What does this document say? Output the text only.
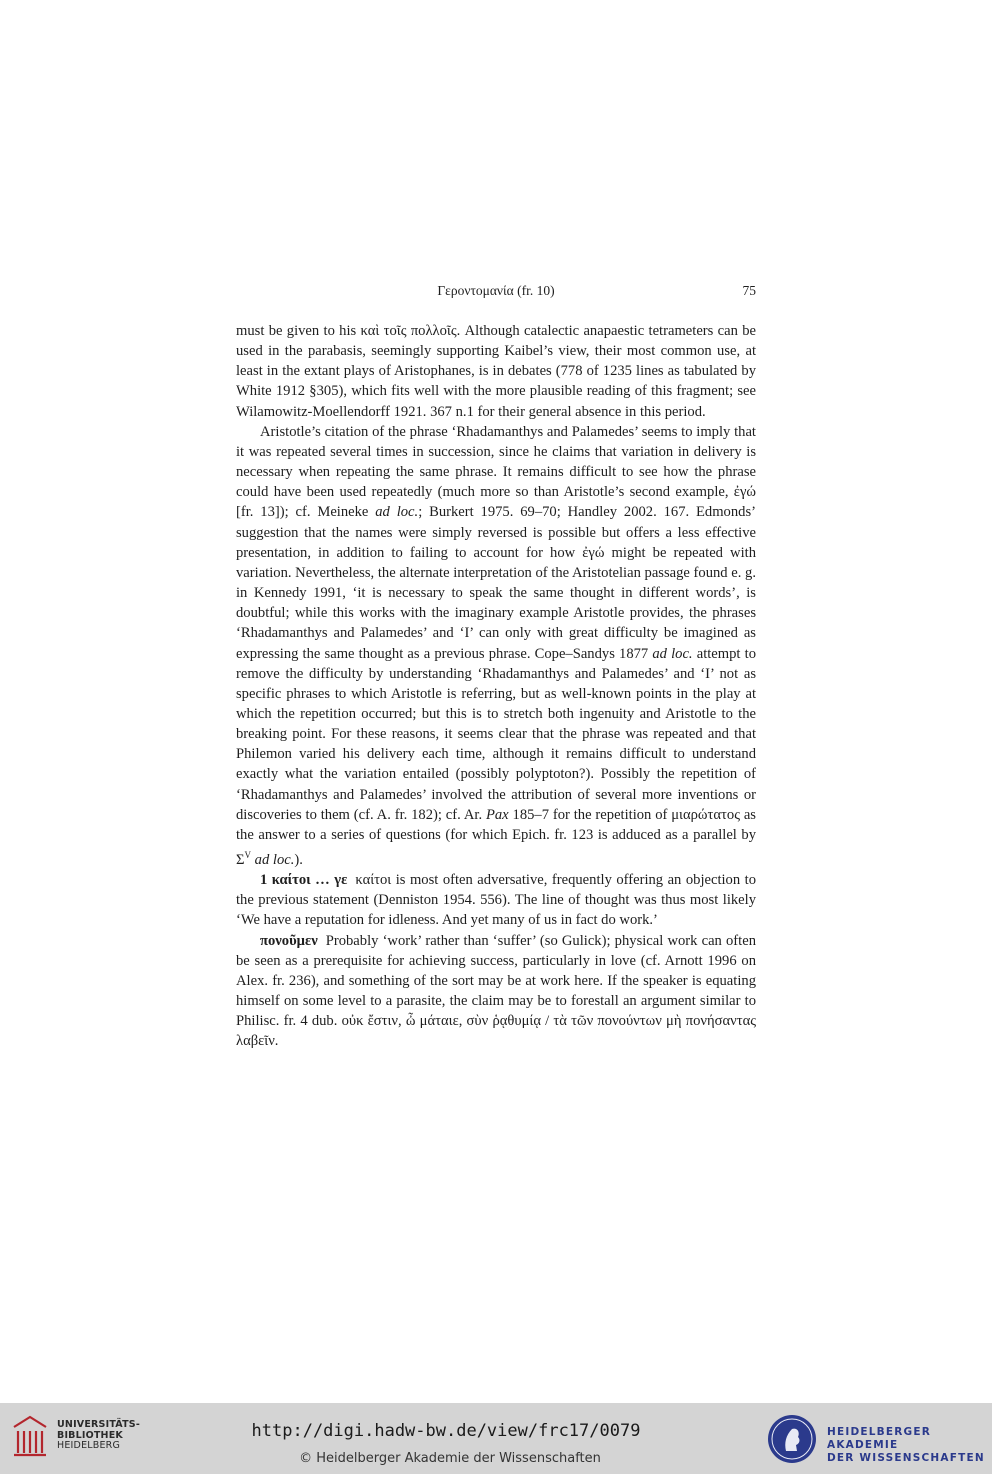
Γεροντομανία (fr. 10)	75

must be given to his καὶ τοῖς πολλοῖς. Although catalectic anapaestic tetrameters can be used in the parabasis, seemingly supporting Kaibel’s view, their most common use, at least in the extant plays of Aristophanes, is in debates (778 of 1235 lines as tabulated by White 1912 §305), which fits well with the more plausible reading of this fragment; see Wilamowitz-Moellendorff 1921. 367 n.1 for their general absence in this period.

Aristotle’s citation of the phrase ‘Rhadamanthys and Palamedes’ seems to imply that it was repeated several times in succession, since he claims that variation in delivery is necessary when repeating the same phrase. It remains difficult to see how the phrase could have been used repeatedly (much more so than Aristotle’s second example, ἐγώ [fr. 13]); cf. Meineke ad loc.; Burkert 1975. 69–70; Handley 2002. 167. Edmonds’ suggestion that the names were simply reversed is possible but offers a less effective presentation, in addition to failing to account for how ἐγώ might be repeated with variation. Nevertheless, the alternate interpretation of the Aristotelian passage found e. g. in Kennedy 1991, ‘it is necessary to speak the same thought in different words’, is doubtful; while this works with the imaginary example Aristotle provides, the phrases ‘Rhadamanthys and Palamedes’ and ‘I’ can only with great difficulty be imagined as expressing the same thought as a previous phrase. Cope–Sandys 1877 ad loc. attempt to remove the difficulty by understanding ‘Rhadamanthys and Palamedes’ and ‘I’ not as specific phrases to which Aristotle is referring, but as well-known points in the play at which the repetition occurred; but this is to stretch both ingenuity and Aristotle to the breaking point. For these reasons, it seems clear that the phrase was repeated and that Philemon varied his delivery each time, although it remains difficult to understand exactly what the variation entailed (possibly polyptoton?). Possibly the repetition of ‘Rhadamanthys and Palamedes’ involved the attribution of several more inventions or discoveries to them (cf. A. fr. 182); cf. Ar. Pax 185–7 for the repetition of μιαρώτατος as the answer to a series of questions (for which Epich. fr. 123 is adduced as a parallel by $\Sigma^V$ ad loc.).

1 καίτοι … γε καίτοι is most often adversative, frequently offering an objection to the previous statement (Denniston 1954. 556). The line of thought was thus most likely ‘We have a reputation for idleness. And yet many of us in fact do work.’

πονοῦμεν Probably ‘work’ rather than ‘suffer’ (so Gulick); physical work can often be seen as a prerequisite for achieving success, particularly in love (cf. Arnott 1996 on Alex. fr. 236), and something of the sort may be at work here. If the speaker is equating himself on some level to a parasite, the claim may be to forestall an argument similar to Philisc. fr. 4 dub. οὐκ ἔστιν, ὦ μάταιε, σὺν ῥᾳθυμίᾳ / τὰ τῶν πονούντων μὴ πονήσαντας λαβεῖν.

UNIVERSITÄTS-
BIBLIOTHEK
HEIDELBERG
http://digi.hadw-bw.de/view/frc17/0079
© Heidelberger Akademie der Wissenschaften
HEIDELBERGER AKADEMIE
DER WISSENSCHAFTEN
